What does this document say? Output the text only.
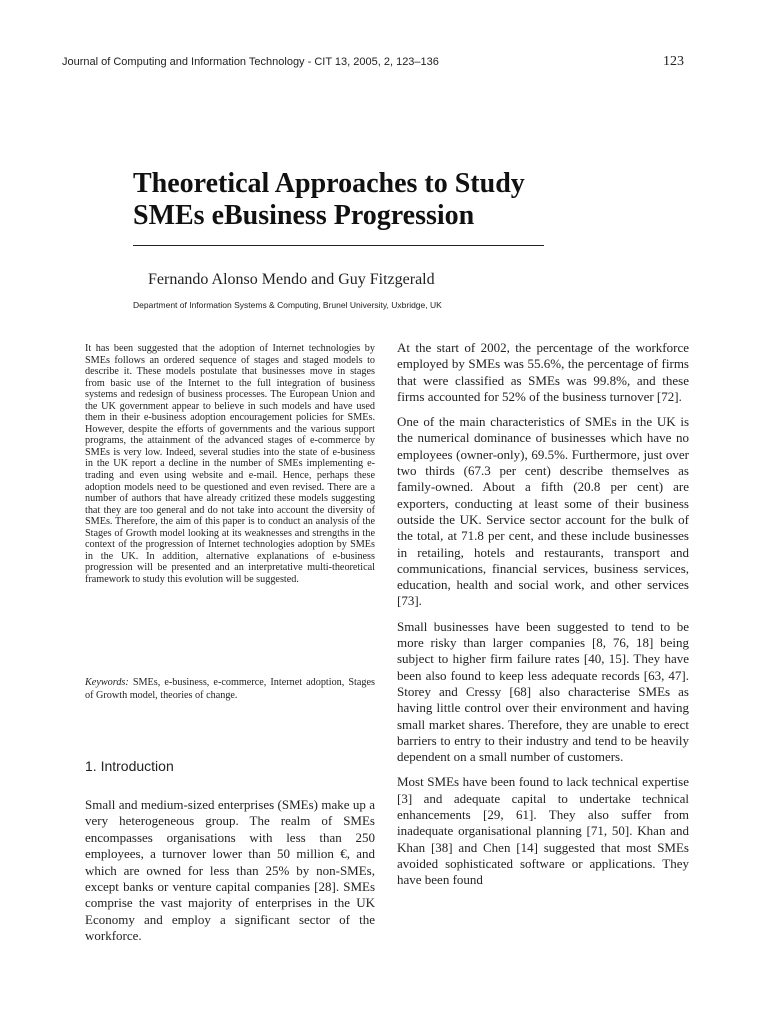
Journal of Computing and Information Technology - CIT 13, 2005, 2, 123–136	123
Theoretical Approaches to Study
SMEs eBusiness Progression
Fernando Alonso Mendo and Guy Fitzgerald
Department of Information Systems & Computing, Brunel University, Uxbridge, UK

It has been suggested that the adoption of Internet technologies by SMEs follows an ordered sequence of stages and staged models to describe it. These models postulate that businesses move in stages from basic use of the Internet to the full integration of business systems and redesign of business processes. The European Union and the UK government appear to believe in such models and have used them in their e-business adoption encouragement policies for SMEs. However, despite the efforts of governments and the various support programs, the attainment of the advanced stages of e-commerce by SMEs is very low. Indeed, several studies into the state of e-business in the UK report a decline in the number of SMEs implementing e-trading and even using website and e-mail. Hence, perhaps these adoption models need to be questioned and even revised. There are a number of authors that have already critized these models suggesting that they are too general and do not take into account the diversity of SMEs. Therefore, the aim of this paper is to conduct an analysis of the Stages of Growth model looking at its weaknesses and strengths in the context of the progression of Internet technologies adoption by SMEs in the UK. In addition, alternative explanations of e-business progression will be presented and an interpretative multi-theoretical framework to study this evolution will be suggested.

Keywords: SMEs, e-business, e-commerce, Internet adoption, Stages of Growth model, theories of change.

1. Introduction

Small and medium-sized enterprises (SMEs) make up a very heterogeneous group. The realm of SMEs encompasses organisations with less than 250 employees, a turnover lower than 50 million €, and which are owned for less than 25% by non-SMEs, except banks or venture capital companies [28]. SMEs comprise the vast majority of enterprises in the UK Economy and employ a significant sector of the workforce.

At the start of 2002, the percentage of the workforce employed by SMEs was 55.6%, the percentage of firms that were classified as SMEs was 99.8%, and these firms accounted for 52% of the business turnover [72].

One of the main characteristics of SMEs in the UK is the numerical dominance of businesses which have no employees (owner-only), 69.5%. Furthermore, just over two thirds (67.3 per cent) describe themselves as family-owned. About a fifth (20.8 per cent) are exporters, conducting at least some of their business outside the UK. Service sector account for the bulk of the total, at 71.8 per cent, and these include businesses in retailing, hotels and restaurants, transport and communications, financial services, business services, education, health and social work, and other services [73].

Small businesses have been suggested to tend to be more risky than larger companies [8, 76, 18] being subject to higher firm failure rates [40, 15]. They have been also found to keep less adequate records [63, 47]. Storey and Cressy [68] also characterise SMEs as having little control over their environment and having small market shares. Therefore, they are unable to erect barriers to entry to their industry and tend to be heavily dependent on a small number of customers.

Most SMEs have been found to lack technical expertise [3] and adequate capital to undertake technical enhancements [29, 61]. They also suffer from inadequate organisational planning [71, 50]. Khan and Khan [38] and Chen [14] suggested that most SMEs avoided sophisticated software or applications. They have been found
